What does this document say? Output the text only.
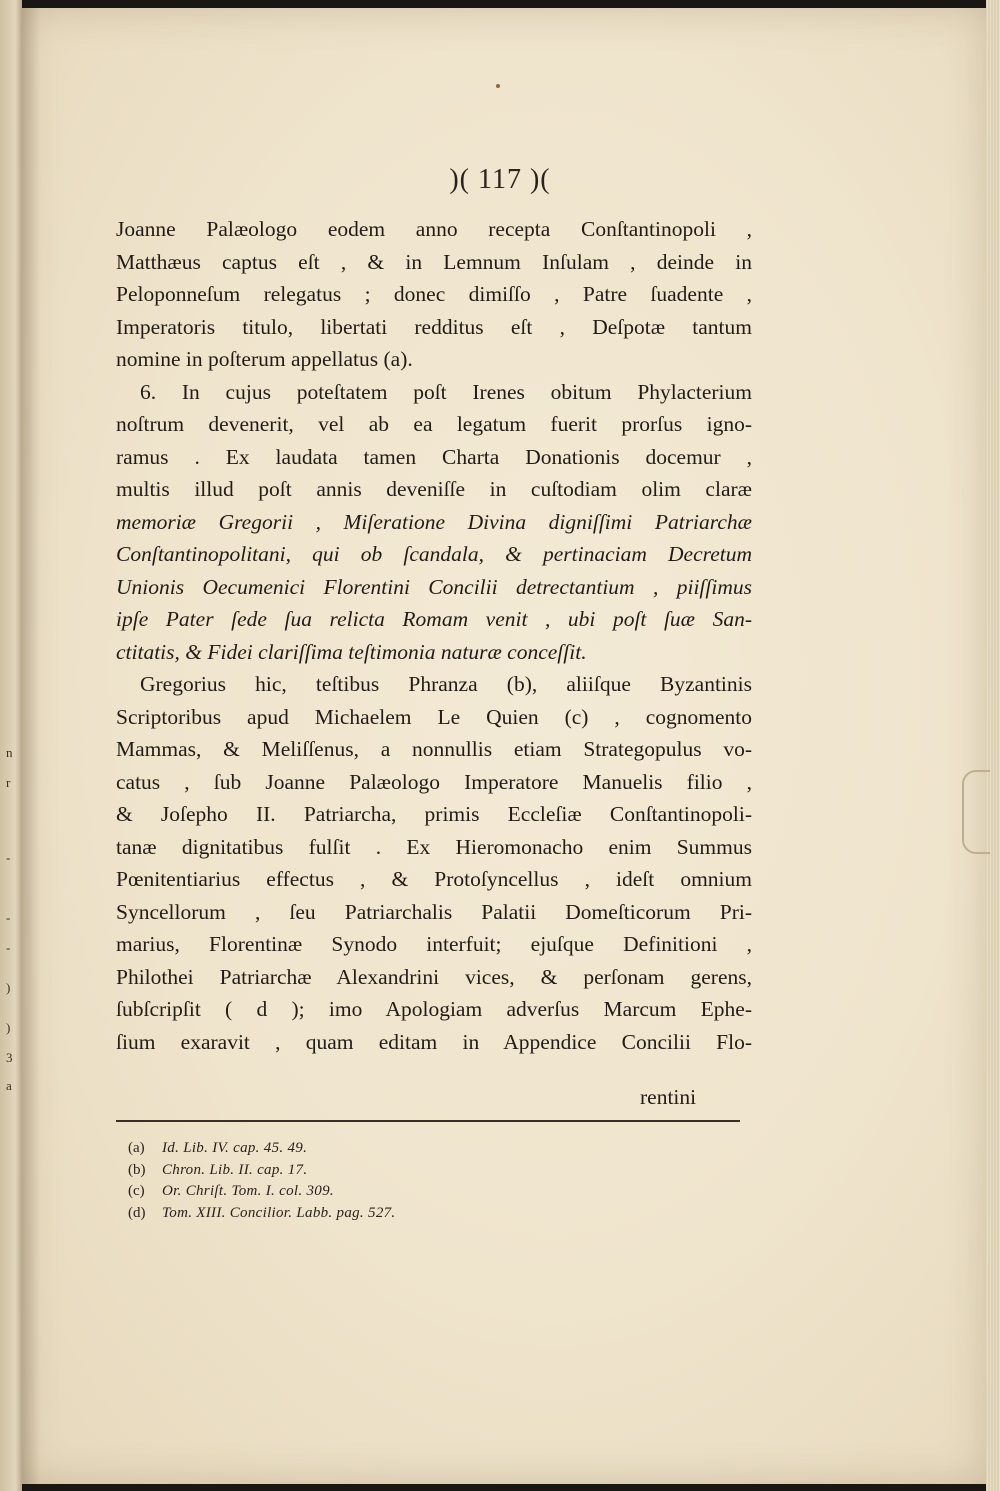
n
r
-
-
-
)
)
3
a
)( 117 )(
Joanne Palæologo eodem anno recepta Conſtantinopoli ,
Matthæus captus eſt , & in Lemnum Inſulam , deinde in
Peloponneſum relegatus ; donec dimiſſo , Patre ſuadente ,
Imperatoris titulo, libertati redditus eſt , Deſpotæ tantum
nomine in poſterum appellatus (a).
6. In cujus poteſtatem poſt Irenes obitum Phylacterium
noſtrum devenerit, vel ab ea legatum fuerit prorſus igno-
ramus . Ex laudata tamen Charta Donationis docemur ,
multis illud poſt annis deveniſſe in cuſtodiam olim claræ
memoriæ Gregorii , Miſeratione Divina digniſſimi Patriarchæ
Conſtantinopolitani, qui ob ſcandala, & pertinaciam Decretum
Unionis Oecumenici Florentini Concilii detrectantium , piiſſimus
ipſe Pater ſede ſua relicta Romam venit , ubi poſt ſuæ San-
ctitatis, & Fidei clariſſima teſtimonia naturæ conceſſit.
Gregorius hic, teſtibus Phranza (b), aliiſque Byzantinis
Scriptoribus apud Michaelem Le Quien (c) , cognomento
Mammas, & Meliſſenus, a nonnullis etiam Strategopulus vo-
catus , ſub Joanne Palæologo Imperatore Manuelis filio ,
& Joſepho II. Patriarcha, primis Eccleſiæ Conſtantinopoli-
tanæ dignitatibus fulſit . Ex Hieromonacho enim Summus
Pœnitentiarius effectus , & Protoſyncellus , ideſt omnium
Syncellorum , ſeu Patriarchalis Palatii Domeſticorum Pri-
marius, Florentinæ Synodo interfuit; ejuſque Definitioni ,
Philothei Patriarchæ Alexandrini vices, & perſonam gerens,
ſubſcripſit ( d ); imo Apologiam adverſus Marcum Ephe-
ſium exaravit , quam editam in Appendice Concilii Flo-
rentini
(a) Id. Lib. IV. cap. 45. 49.
(b) Chron. Lib. II. cap. 17.
(c) Or. Chriſt. Tom. I. col. 309.
(d) Tom. XIII. Concilior. Labb. pag. 527.
